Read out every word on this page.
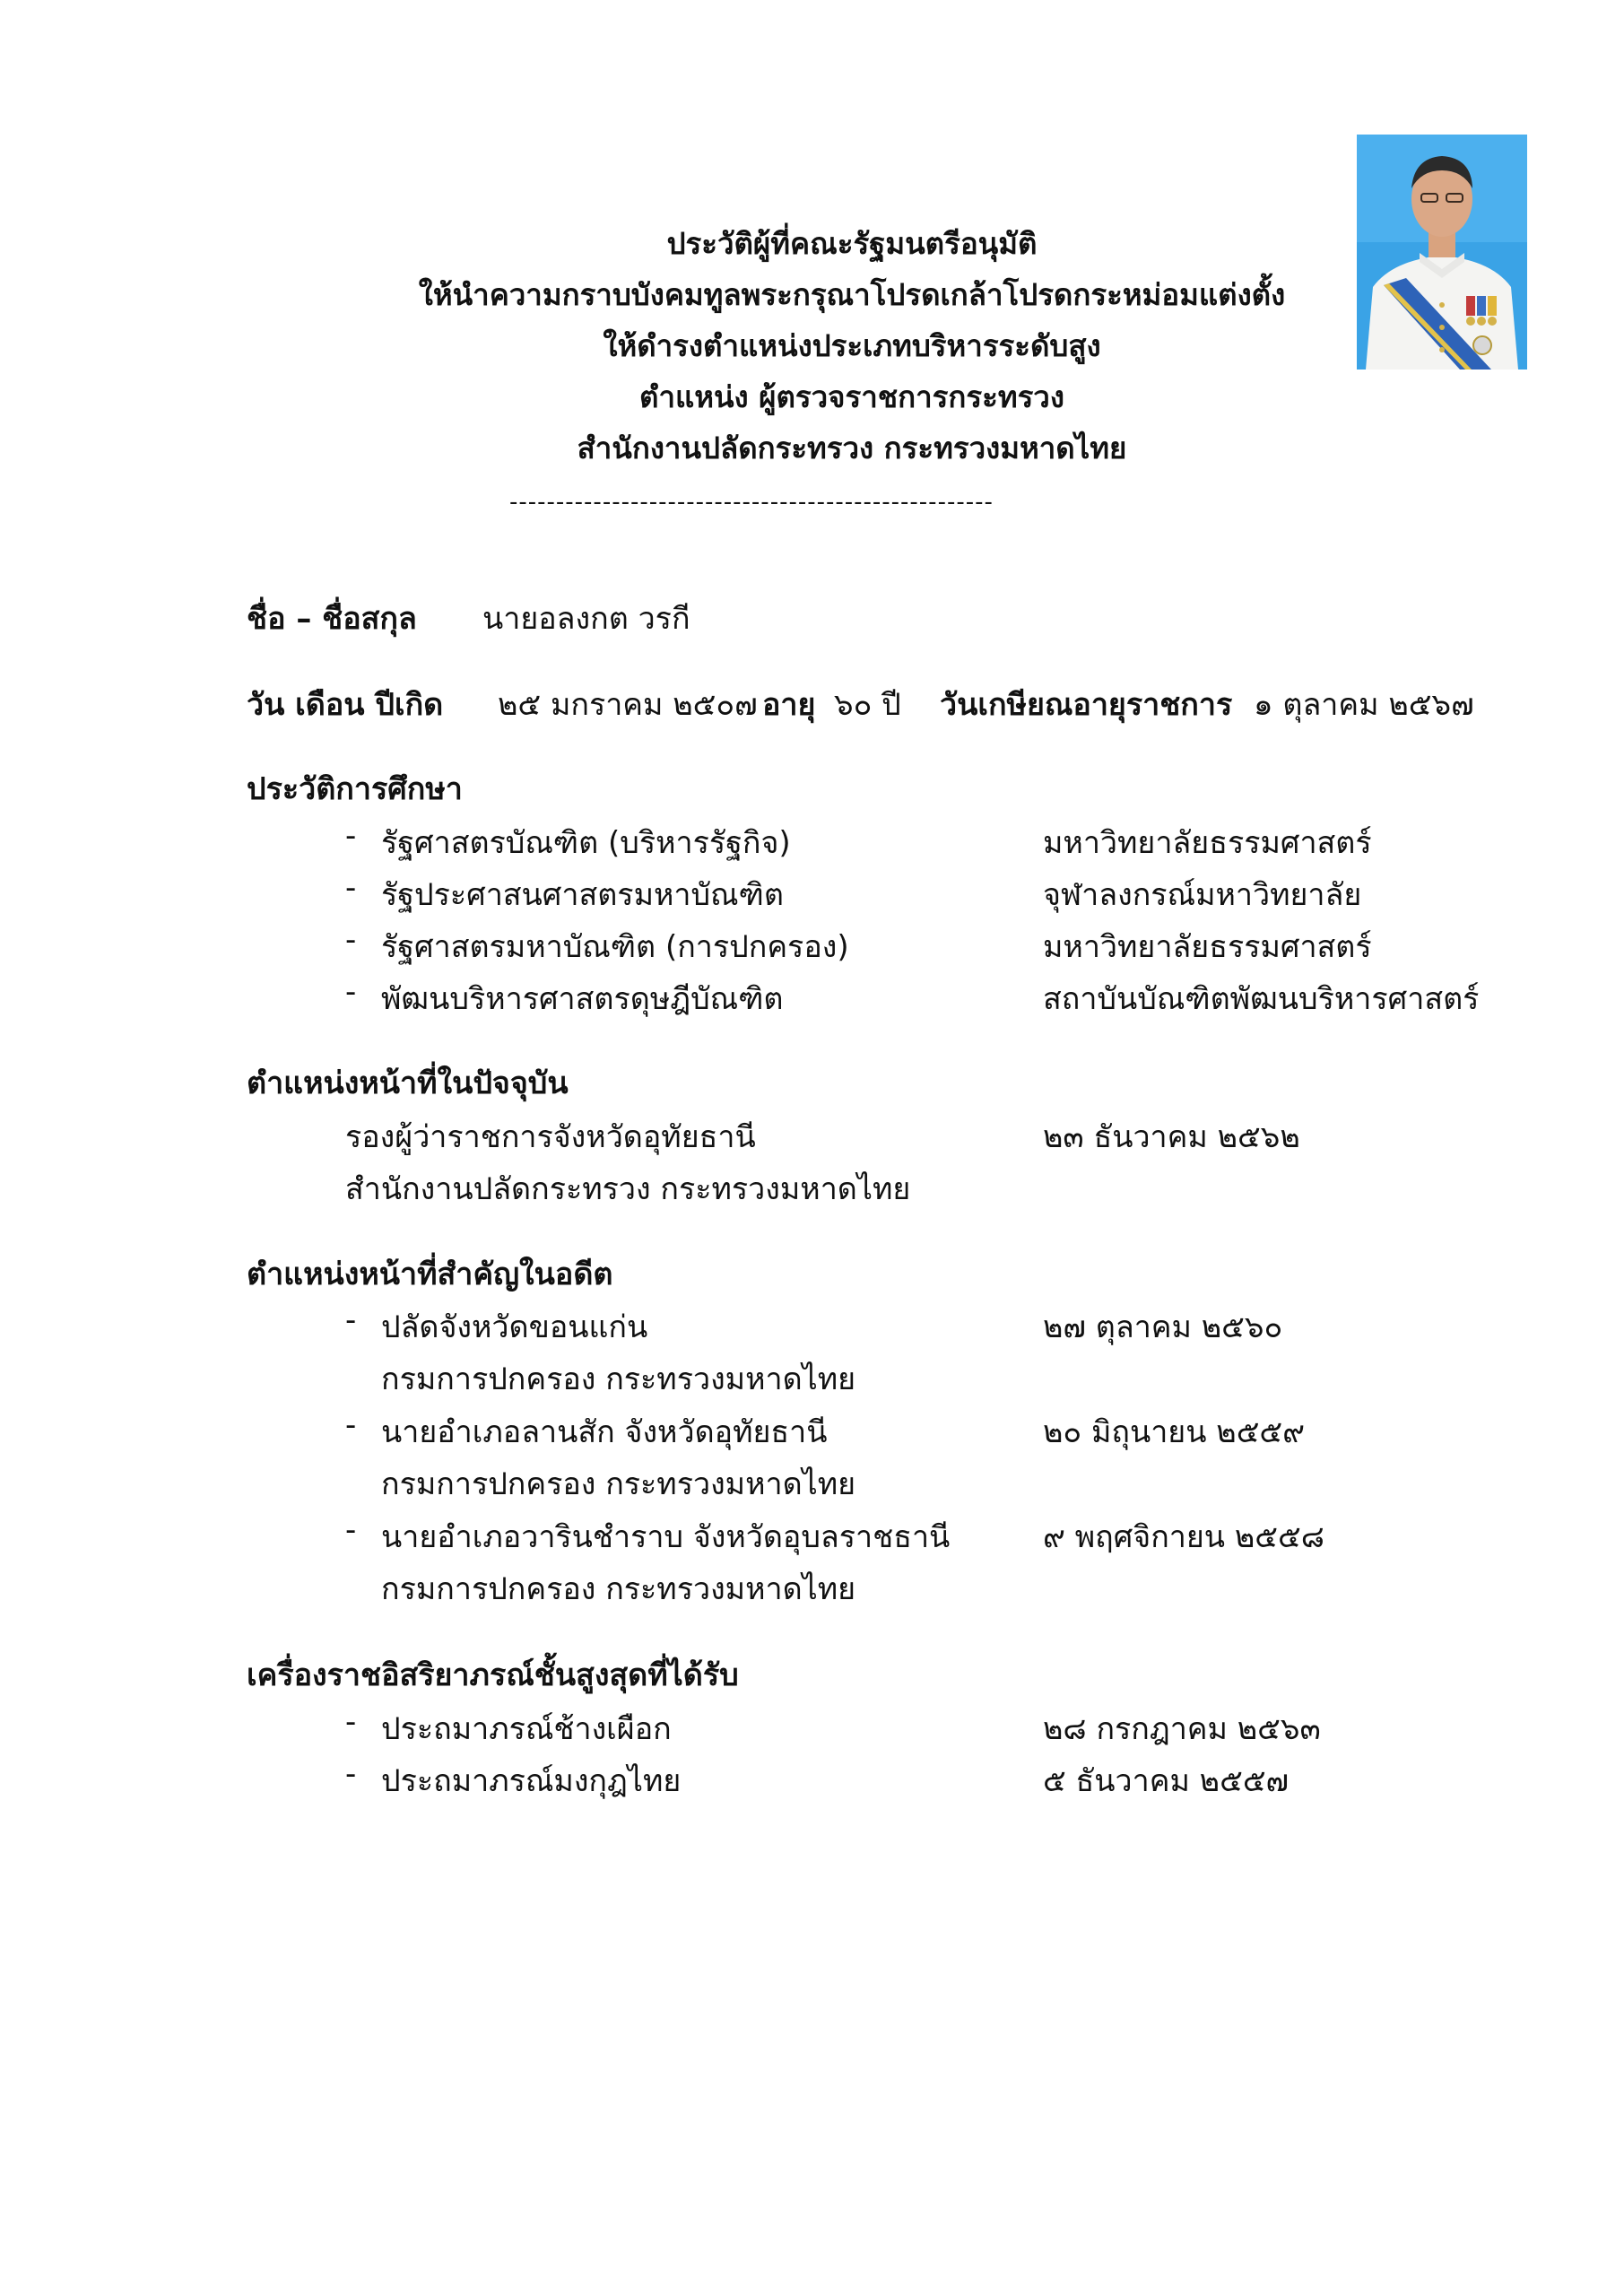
ประวัติผู้ที่คณะรัฐมนตรีอนุมัติ
ให้นำความกราบบังคมทูลพระกรุณาโปรดเกล้าโปรดกระหม่อมแต่งตั้ง
ให้ดำรงตำแหน่งประเภทบริหารระดับสูง
ตำแหน่ง ผู้ตรวจราชการกระทรวง
สำนักงานปลัดกระทรวง กระทรวงมหาดไทย
----------------------------------------------------
ชื่อ – ชื่อสกุล นายอลงกต วรกี
วัน เดือน ปีเกิด ๒๕ มกราคม ๒๕๐๗ อายุ ๖๐ ปี วันเกษียณอายุราชการ ๑ ตุลาคม ๒๕๖๗
ประวัติการศึกษา
- รัฐศาสตรบัณฑิต (บริหารรัฐกิจ)	มหาวิทยาลัยธรรมศาสตร์
- รัฐประศาสนศาสตรมหาบัณฑิต	จุฬาลงกรณ์มหาวิทยาลัย
- รัฐศาสตรมหาบัณฑิต (การปกครอง)	มหาวิทยาลัยธรรมศาสตร์
- พัฒนบริหารศาสตรดุษฎีบัณฑิต	สถาบันบัณฑิตพัฒนบริหารศาสตร์
ตำแหน่งหน้าที่ในปัจจุบัน
รองผู้ว่าราชการจังหวัดอุทัยธานี	๒๓ ธันวาคม ๒๕๖๒
สำนักงานปลัดกระทรวง กระทรวงมหาดไทย
ตำแหน่งหน้าที่สำคัญในอดีต
- ปลัดจังหวัดขอนแก่น	๒๗ ตุลาคม ๒๕๖๐
กรมการปกครอง กระทรวงมหาดไทย
- นายอำเภอลานสัก จังหวัดอุทัยธานี	๒๐ มิถุนายน ๒๕๕๙
กรมการปกครอง กระทรวงมหาดไทย
- นายอำเภอวารินชำราบ จังหวัดอุบลราชธานี	๙ พฤศจิกายน ๒๕๕๘
กรมการปกครอง กระทรวงมหาดไทย
เครื่องราชอิสริยาภรณ์ชั้นสูงสุดที่ได้รับ
- ประถมาภรณ์ช้างเผือก	๒๘ กรกฎาคม ๒๕๖๓
- ประถมาภรณ์มงกุฎไทย	๕ ธันวาคม ๒๕๕๗
